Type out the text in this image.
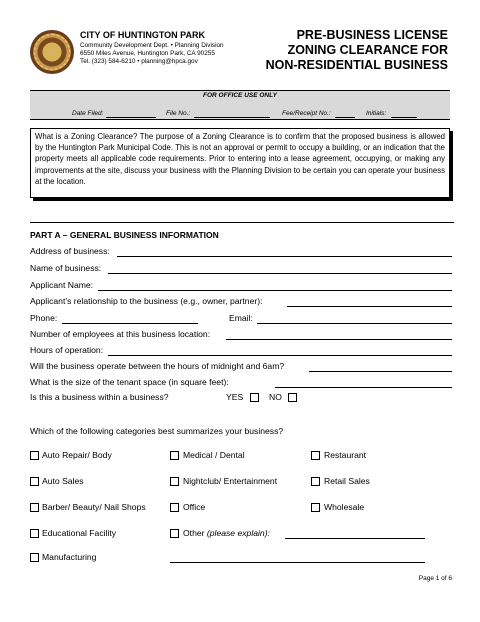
CITY OF HUNTINGTON PARK
Community Development Dept. • Planning Division
6550 Miles Avenue, Huntington Park, CA 90255
Tel. (323) 584-6210 • planning@hpca.gov
PRE-BUSINESS LICENSE
ZONING CLEARANCE FOR
NON-RESIDENTIAL BUSINESS
FOR OFFICE USE ONLY
Date Filed:	File No.:	Fee/Receipt No.:	Initials:
What is a Zoning Clearance? The purpose of a Zoning Clearance is to confirm that the proposed business is allowed by the Huntington Park Municipal Code. This is not an approval or permit to occupy a building, or an indication that the property meets all applicable code requirements. Prior to entering into a lease agreement, occupying, or making any improvements at the site, discuss your business with the Planning Division to be certain you can operate your business at the location.
PART A – GENERAL BUSINESS INFORMATION
Address of business:
Name of business:
Applicant Name:
Applicant’s relationship to the business (e.g., owner, partner):
Phone:	Email:
Number of employees at this business location:
Hours of operation:
Will the business operate between the hours of midnight and 6am?
What is the size of the tenant space (in square feet):
Is this a business within a business?	YES	NO
Which of the following categories best summarizes your business?
Auto Repair/ Body	Medical / Dental	Restaurant
Auto Sales	Nightclub/ Entertainment	Retail Sales
Barber/ Beauty/ Nail Shops	Office	Wholesale
Educational Facility	Other (please explain):
Manufacturing
Page 1 of 6
